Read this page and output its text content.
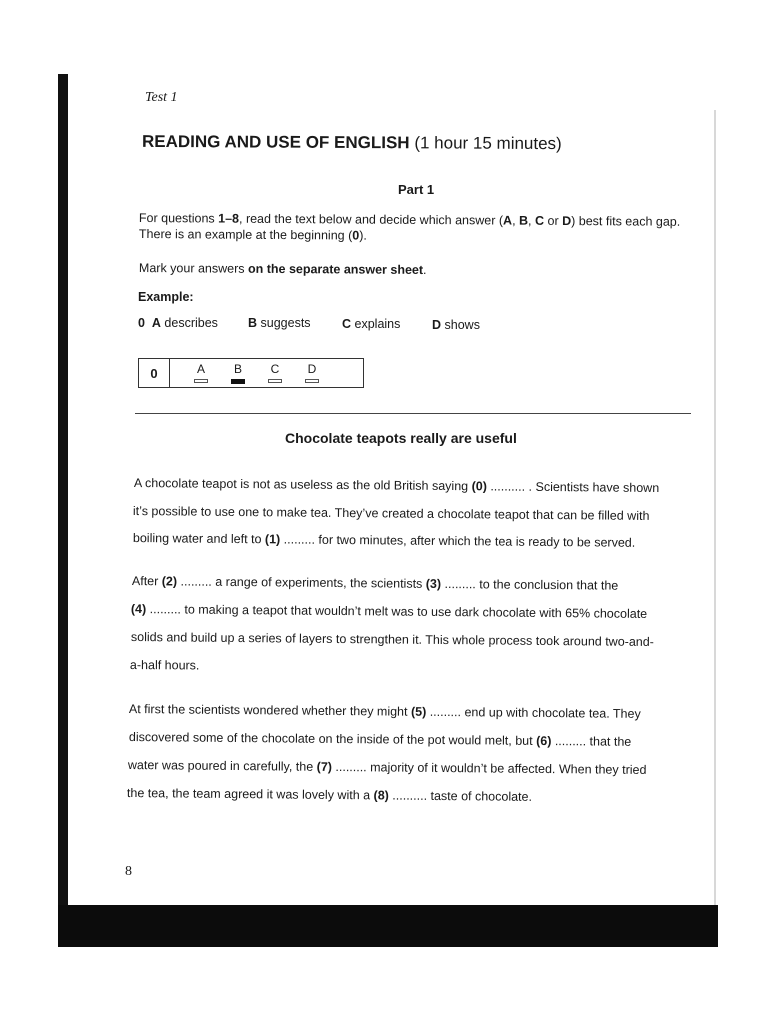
Test 1
READING AND USE OF ENGLISH (1 hour 15 minutes)
Part 1
For questions 1–8, read the text below and decide which answer (A, B, C or D) best fits each gap.
There is an example at the beginning (0).
Mark your answers on the separate answer sheet.
Example:
0 A describes B suggests	C explains	D shows
0	A	B	C	D
Chocolate teapots really are useful
A chocolate teapot is not as useless as the old British saying (0) .......... . Scientists have shown
it’s possible to use one to make tea. They’ve created a chocolate teapot that can be filled with
boiling water and left to (1) ......... for two minutes, after which the tea is ready to be served.
After (2) ......... a range of experiments, the scientists (3) ......... to the conclusion that the
(4) ......... to making a teapot that wouldn’t melt was to use dark chocolate with 65% chocolate
solids and build up a series of layers to strengthen it. This whole process took around two-and-
a-half hours.
At first the scientists wondered whether they might (5) ......... end up with chocolate tea. They
discovered some of the chocolate on the inside of the pot would melt, but (6) ......... that the
water was poured in carefully, the (7) ......... majority of it wouldn’t be affected. When they tried
the tea, the team agreed it was lovely with a (8) .......... taste of chocolate.
8
